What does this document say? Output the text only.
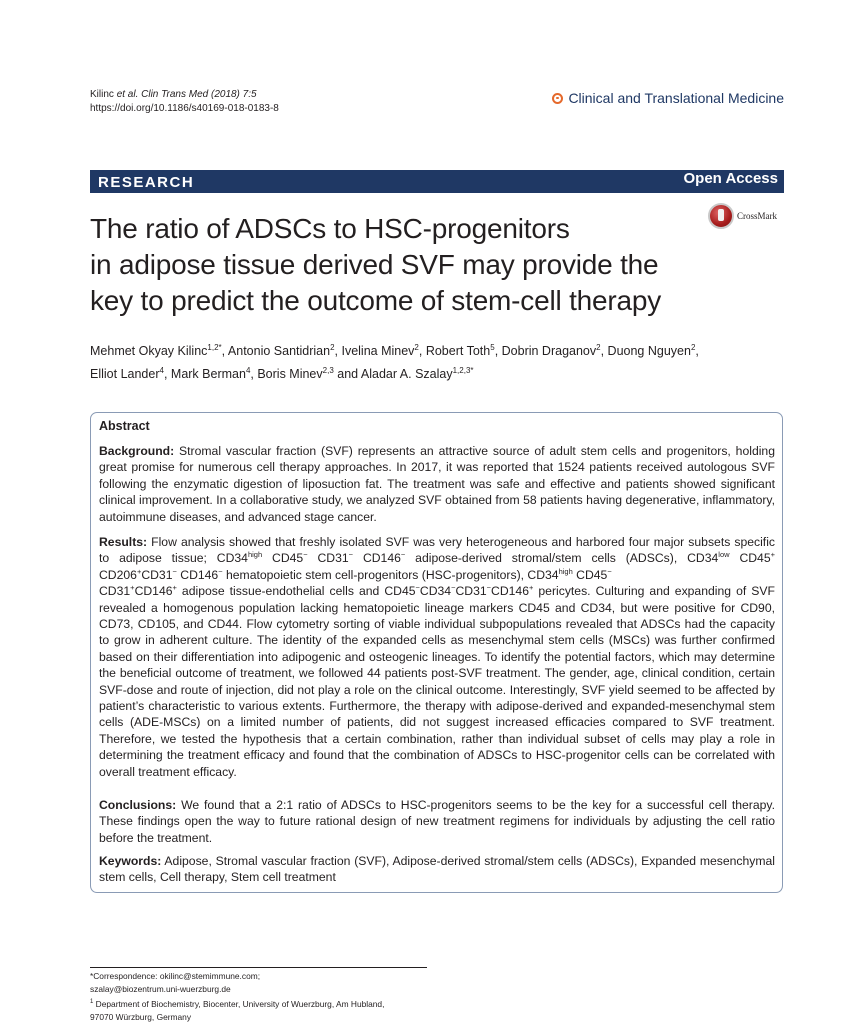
Kilinc et al. Clin Trans Med (2018) 7:5
https://doi.org/10.1186/s40169-018-0183-8
Clinical and Translational Medicine
RESEARCH	Open Access
CrossMark
The ratio of ADSCs to HSC-progenitors
in adipose tissue derived SVF may provide the
key to predict the outcome of stem-cell therapy
Mehmet Okyay Kilinc$^{1,2*}$, Antonio Santidrian$^2$, Ivelina Minev$^2$, Robert Toth$^5$, Dobrin Draganov$^2$, Duong Nguyen$^2$,
Elliot Lander$^4$, Mark Berman$^4$, Boris Minev$^{2,3}$ and Aladar A. Szalay$^{1,2,3*}$
Abstract
Background: Stromal vascular fraction (SVF) represents an attractive source of adult stem cells and progenitors, holding great promise for numerous cell therapy approaches. In 2017, it was reported that 1524 patients received autologous SVF following the enzymatic digestion of liposuction fat. The treatment was safe and effective and patients showed significant clinical improvement. In a collaborative study, we analyzed SVF obtained from 58 patients having degenerative, inflammatory, autoimmune diseases, and advanced stage cancer.
Results: Flow analysis showed that freshly isolated SVF was very heterogeneous and harbored four major subsets specific to adipose tissue; $CD34^{high}$ CD45− CD31− CD146− adipose-derived stromal/stem cells (ADSCs), $CD34^{low}$ CD45+ CD206+CD31− CD146− hematopoietic stem cell-progenitors (HSC-progenitors), $CD34^{high}$ CD45−
CD31+CD146+ adipose tissue-endothelial cells and CD45−CD34−CD31−CD146+ pericytes. Culturing and expanding of SVF revealed a homogenous population lacking hematopoietic lineage markers CD45 and CD34, but were positive for CD90, CD73, CD105, and CD44. Flow cytometry sorting of viable individual subpopulations revealed that ADSCs had the capacity to grow in adherent culture. The identity of the expanded cells as mesenchymal stem cells (MSCs) was further confirmed based on their differentiation into adipogenic and osteogenic lineages. To identify the potential factors, which may determine the beneficial outcome of treatment, we followed 44 patients post-SVF treatment. The gender, age, clinical condition, certain SVF-dose and route of injection, did not play a role on the clinical outcome. Interestingly, SVF yield seemed to be affected by patient’s characteristic to various extents. Furthermore, the therapy with adipose-derived and expanded-mesenchymal stem cells (ADE-MSCs) on a limited number of patients, did not suggest increased efficacies compared to SVF treatment. Therefore, we tested the hypothesis that a certain combination, rather than individual subset of cells may play a role in determining the treatment efficacy and found that the combination of ADSCs to HSC-progenitor cells can be correlated with overall treatment efficacy.
Conclusions: We found that a 2:1 ratio of ADSCs to HSC-progenitors seems to be the key for a successful cell therapy. These findings open the way to future rational design of new treatment regimens for individuals by adjusting the cell ratio before the treatment.
Keywords: Adipose, Stromal vascular fraction (SVF), Adipose-derived stromal/stem cells (ADSCs), Expanded mesenchymal stem cells, Cell therapy, Stem cell treatment
*Correspondence: okilinc@stemimmune.com;
szalay@biozentrum.uni-wuerzburg.de
$^1$ Department of Biochemistry, Biocenter, University of Wuerzburg, Am Hubland, 97070 Würzburg, Germany
